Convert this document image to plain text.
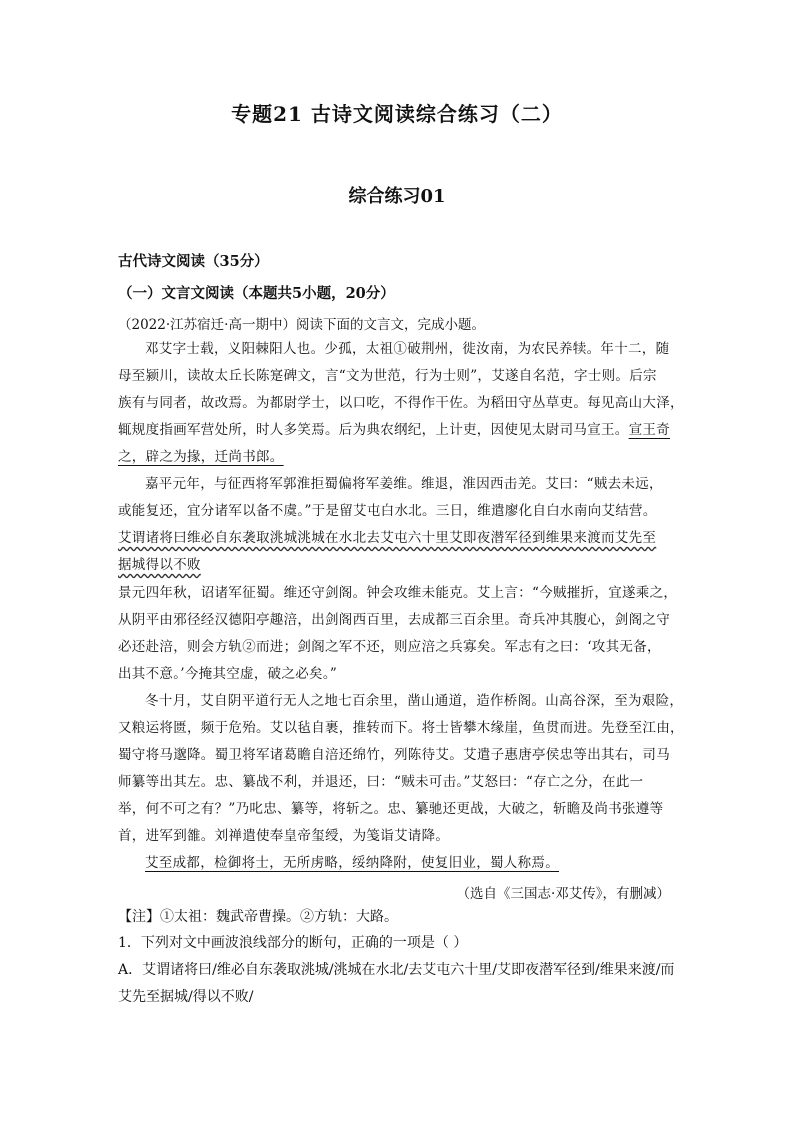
专题21 古诗文阅读综合练习（二）
综合练习01
古代诗文阅读（35分）
（一）文言文阅读（本题共5小题，20分）
（2022·江苏宿迁·高一期中）阅读下面的文言文，完成小题。
邓艾字士载，义阳棘阳人也。少孤，太祖①破荆州，徙汝南，为农民养犊。年十二，随
母至颍川，读故太丘长陈寔碑文，言“文为世范，行为士则”，艾遂自名范，字士则。后宗
族有与同者，故改焉。为都尉学士，以口吃，不得作干佐。为稻田守丛草吏。每见高山大泽，
辄规度指画军营处所，时人多笑焉。后为典农纲纪，上计吏，因使见太尉司马宣王。宣王奇
之，辟之为掾，迁尚书郎。
嘉平元年，与征西将军郭淮拒蜀偏将军姜维。维退，淮因西击羌。艾曰：“贼去未远，
或能复还，宜分诸军以备不虞。”于是留艾屯白水北。三日，维遣廖化自白水南向艾结营。
艾谓诸将曰维必自东袭取洮城洮城在水北去艾屯六十里艾即夜潜军径到维果来渡而艾先至
据城得以不败
景元四年秋，诏诸军征蜀。维还守剑阁。钟会攻维未能克。艾上言：“今贼摧折，宜遂乘之，
从阴平由邪径经汉德阳亭趣涪，出剑阁西百里，去成都三百余里。奇兵冲其腹心，剑阁之守
必还赴涪，则会方轨②而进；剑阁之军不还，则应涪之兵寡矣。军志有之曰：‘攻其无备，
出其不意。’今掩其空虚，破之必矣。”
冬十月，艾自阴平道行无人之地七百余里，凿山通道，造作桥阁。山高谷深，至为艰险，
又粮运将匮，频于危殆。艾以毡自裹，推转而下。将士皆攀木缘崖，鱼贯而进。先登至江由，
蜀守将马邈降。蜀卫将军诸葛瞻自涪还绵竹，列陈待艾。艾遣子惠唐亭侯忠等出其右，司马
师纂等出其左。忠、纂战不利，并退还，曰：“贼未可击。”艾怒曰：“存亡之分，在此一
举，何不可之有？”乃叱忠、纂等，将斩之。忠、纂驰还更战，大破之，斩瞻及尚书张遵等
首，进军到雒。刘禅遣使奉皇帝玺绶，为笺诣艾请降。
艾至成都，检御将士，无所虏略，绥纳降附，使复旧业，蜀人称焉。
（选自《三国志·邓艾传》，有删减）
【注】①太祖：魏武帝曹操。②方轨：大路。
1．下列对文中画波浪线部分的断句，正确的一项是（ ）
A．艾谓诸将曰/维必自东袭取洮城/洮城在水北/去艾屯六十里/艾即夜潜军径到/维果来渡/而
艾先至据城/得以不败/
